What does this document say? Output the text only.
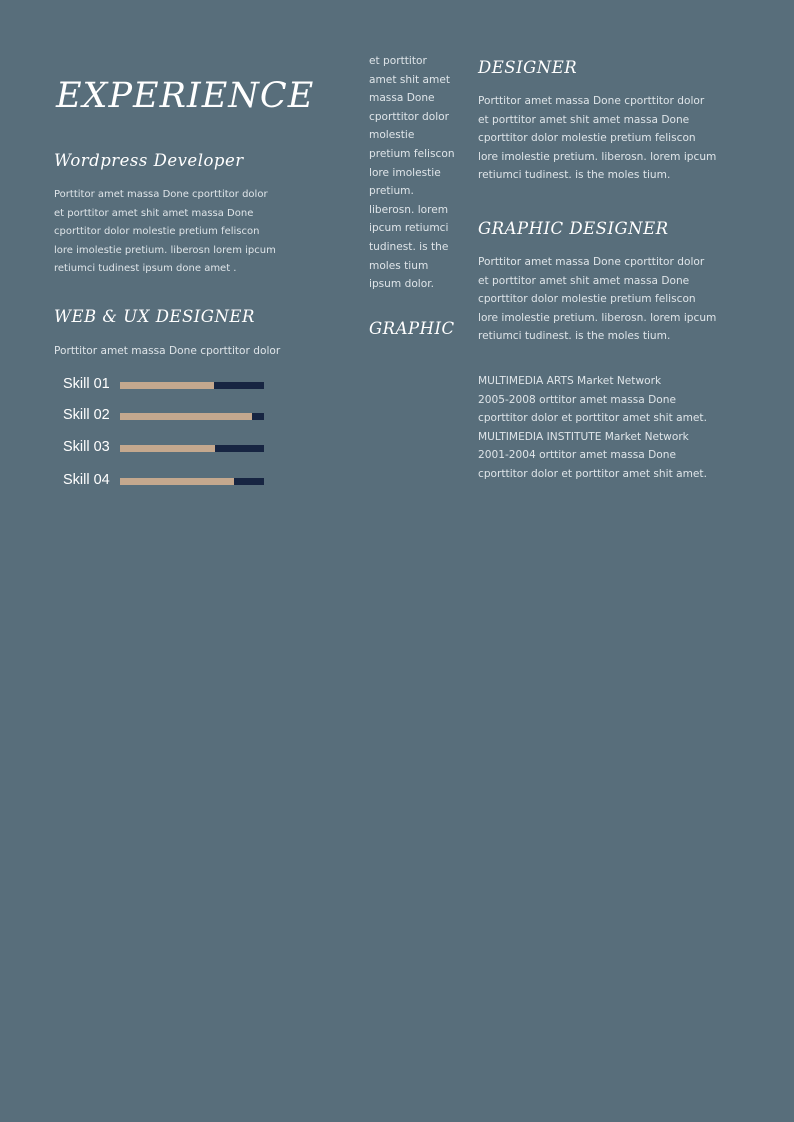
EXPERIENCE
Wordpress Developer
Porttitor amet massa Done cporttitor dolor
et porttitor amet shit amet massa Done
cporttitor dolor molestie pretium feliscon
lore imolestie pretium. liberosn lorem ipcum
retiumci tudinest ipsum done amet .
WEB & UX DESIGNER
Porttitor amet massa Done cporttitor dolor
Skill 01
Skill 02
Skill 03
Skill 04
et porttitor
amet shit amet
massa Done
cporttitor dolor
molestie
pretium feliscon
lore imolestie
pretium.
liberosn. lorem
ipcum retiumci
tudinest. is the
moles tium
ipsum dolor.
GRAPHIC
DESIGNER
Porttitor amet massa Done cporttitor dolor
et porttitor amet shit amet massa Done
cporttitor dolor molestie pretium feliscon
lore imolestie pretium. liberosn. lorem ipcum
retiumci tudinest. is the moles tium.
GRAPHIC DESIGNER
Porttitor amet massa Done cporttitor dolor
et porttitor amet shit amet massa Done
cporttitor dolor molestie pretium feliscon
lore imolestie pretium. liberosn. lorem ipcum
retiumci tudinest. is the moles tium.
MULTIMEDIA ARTS Market Network
2005-2008 orttitor amet massa Done
cporttitor dolor et porttitor amet shit amet.
MULTIMEDIA INSTITUTE Market Network
2001-2004 orttitor amet massa Done
cporttitor dolor et porttitor amet shit amet.
